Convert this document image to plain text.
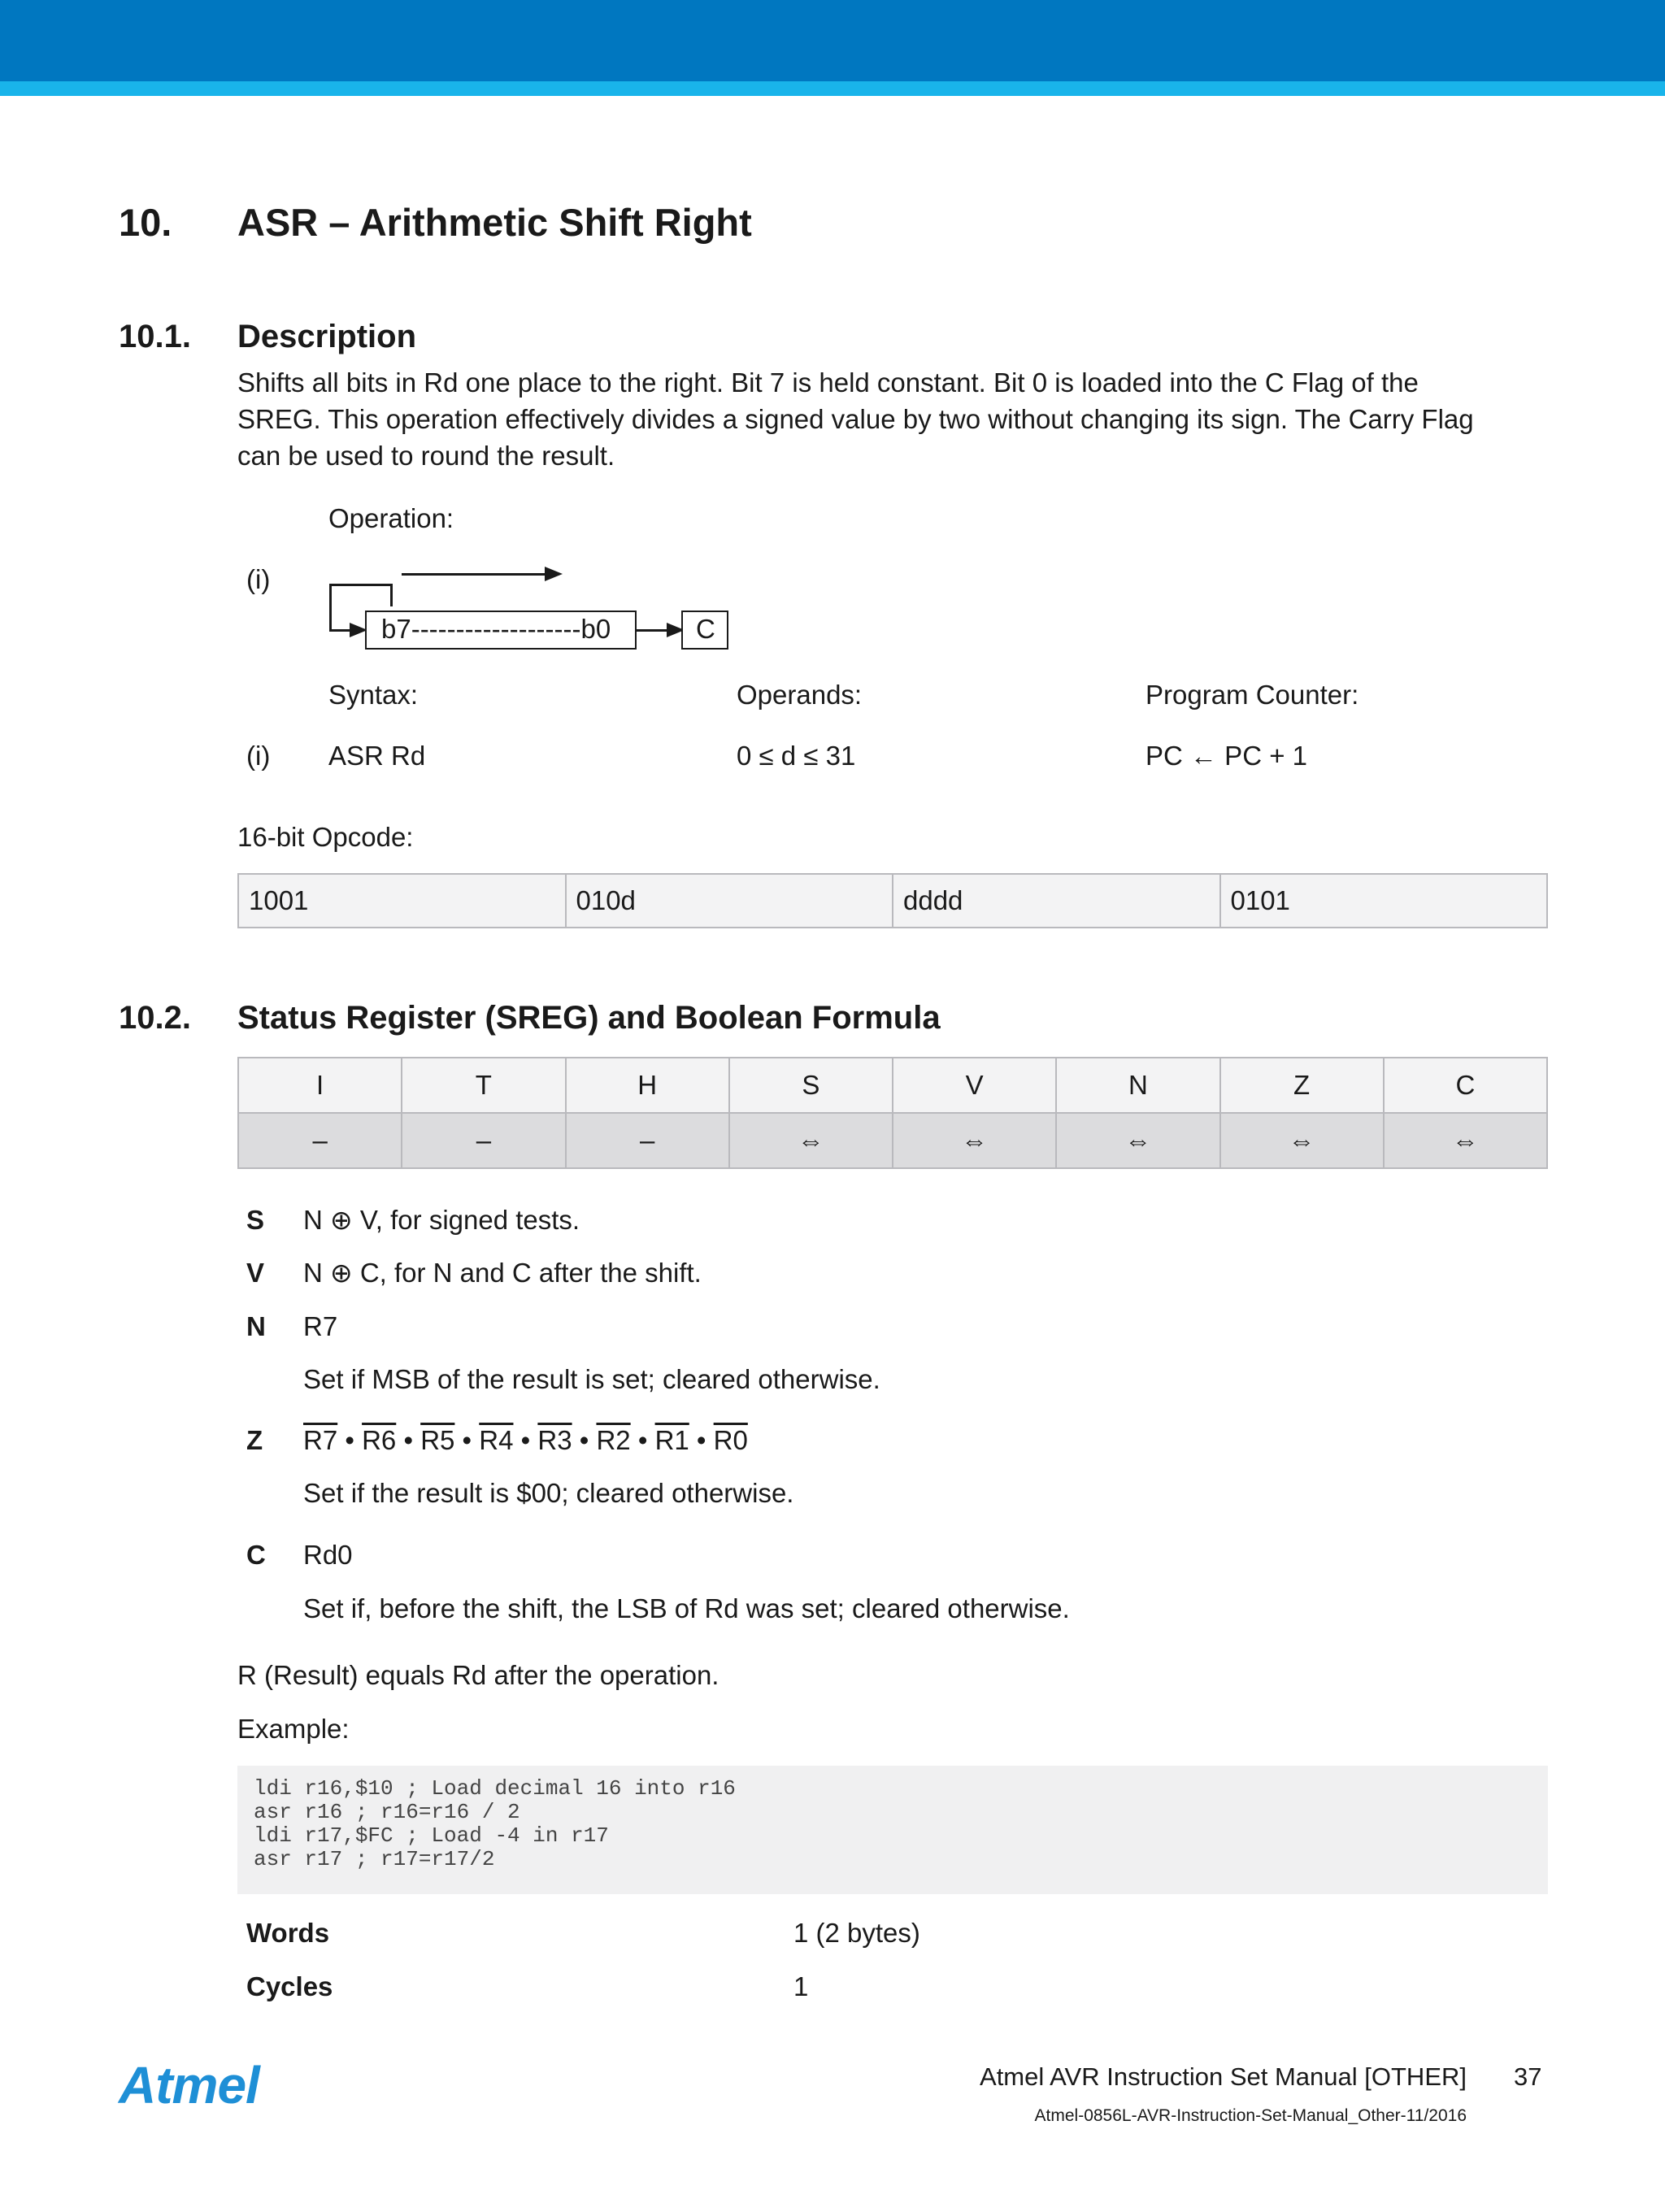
10. ASR – Arithmetic Shift Right
10.1. Description
Shifts all bits in Rd one place to the right. Bit 7 is held constant. Bit 0 is loaded into the C Flag of the
SREG. This operation effectively divides a signed value by two without changing its sign. The Carry Flag
can be used to round the result.
Operation:
(i)
b7-------------------b0	C
Syntax:	Operands:	Program Counter:
(i) ASR Rd	0 ≤ d ≤ 31	PC ← PC + 1
16-bit Opcode:
1001	010d	dddd	0101
10.2. Status Register (SREG) and Boolean Formula
I	T	H	S	V	N	Z	C
–	–	–	⇔	⇔	⇔	⇔	⇔
S N ⊕ V, for signed tests.
V N ⊕ C, for N and C after the shift.
N R7
Set if MSB of the result is set; cleared otherwise.
Z R7 • R6 • R5 • R4 • R3 • R2 • R1 • R0
Set if the result is $00; cleared otherwise.
C Rd0
Set if, before the shift, the LSB of Rd was set; cleared otherwise.
R (Result) equals Rd after the operation.
Example:
ldi r16,$10 ; Load decimal 16 into r16
asr r16 ; r16=r16 / 2
ldi r17,$FC ; Load -4 in r17
asr r17 ; r17=r17/2
Words	1 (2 bytes)
Cycles	1
Atmel	Atmel AVR Instruction Set Manual [OTHER] 37
Atmel-0856L-AVR-Instruction-Set-Manual_Other-11/2016
